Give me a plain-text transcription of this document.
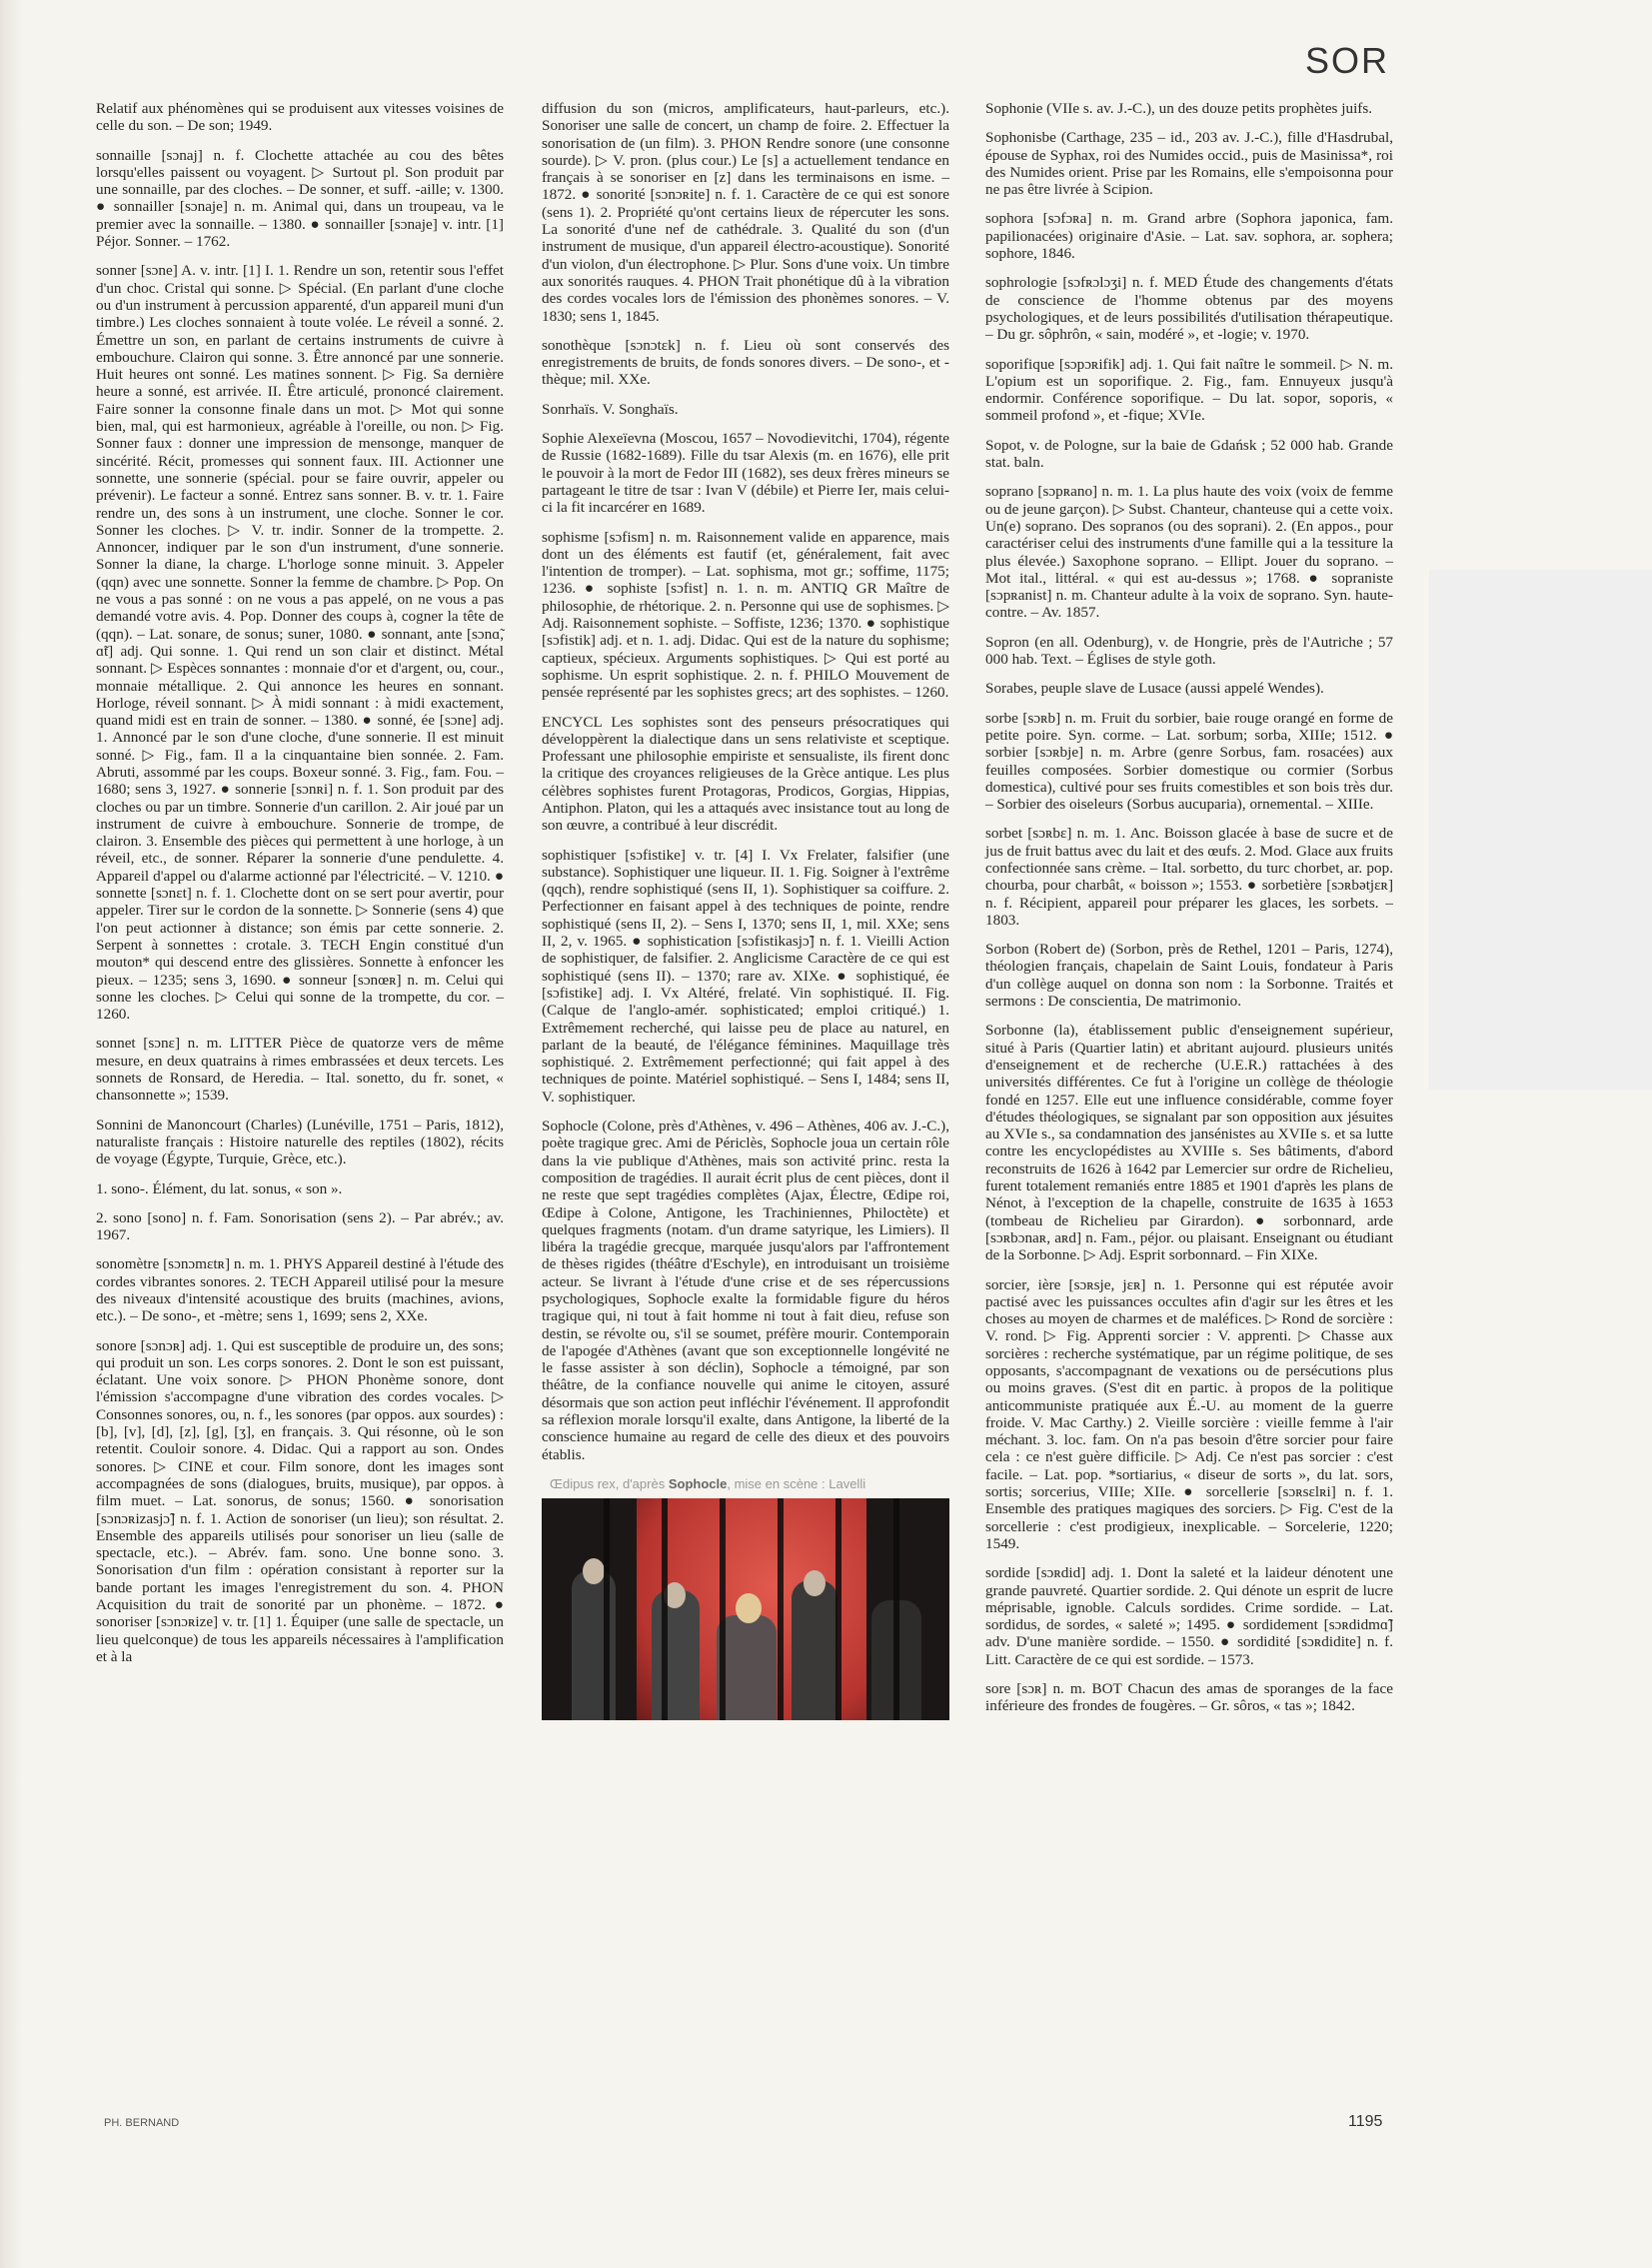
SOR

Relatif aux phénomènes qui se produisent aux vitesses voisines de celle du son. – De son; 1949.

sonnaille [sɔnaj] n. f. Clochette attachée au cou des bêtes lorsqu'elles paissent ou voyagent. ▷ Surtout pl. Son produit par une sonnaille, par des cloches. – De sonner, et suff. -aille; v. 1300. ● sonnailler [sɔnaje] n. m. Animal qui, dans un troupeau, va le premier avec la sonnaille. – 1380. ● sonnailler [sɔnaje] v. intr. [1] Péjor. Sonner. – 1762.

sonner [sɔne] A. v. intr. [1] I. 1. Rendre un son, retentir sous l'effet d'un choc. Cristal qui sonne. ▷ Spécial. (En parlant d'une cloche ou d'un instrument à percussion apparenté, d'un appareil muni d'un timbre.) Les cloches sonnaient à toute volée. Le réveil a sonné. 2. Émettre un son, en parlant de certains instruments de cuivre à embouchure. Clairon qui sonne. 3. Être annoncé par une sonnerie. Huit heures ont sonné. Les matines sonnent. ▷ Fig. Sa dernière heure a sonné, est arrivée. II. Être articulé, prononcé clairement. Faire sonner la consonne finale dans un mot. ▷ Mot qui sonne bien, mal, qui est harmonieux, agréable à l'oreille, ou non. ▷ Fig. Sonner faux : donner une impression de mensonge, manquer de sincérité. Récit, promesses qui sonnent faux. III. Actionner une sonnette, une sonnerie (spécial. pour se faire ouvrir, appeler ou prévenir). Le facteur a sonné. Entrez sans sonner. B. v. tr. 1. Faire rendre un, des sons à un instrument, une cloche. Sonner le cor. Sonner les cloches. ▷ V. tr. indir. Sonner de la trompette. 2. Annoncer, indiquer par le son d'un instrument, d'une sonnerie. Sonner la diane, la charge. L'horloge sonne minuit. 3. Appeler (qqn) avec une sonnette. Sonner la femme de chambre. ▷ Pop. On ne vous a pas sonné : on ne vous a pas appelé, on ne vous a pas demandé votre avis. 4. Pop. Donner des coups à, cogner la tête de (qqn). – Lat. sonare, de sonus; suner, 1080. ● sonnant, ante [sɔnɑ̃, ɑ̃t] adj. Qui sonne. 1. Qui rend un son clair et distinct. Métal sonnant. ▷ Espèces sonnantes : monnaie d'or et d'argent, ou, cour., monnaie métallique. 2. Qui annonce les heures en sonnant. Horloge, réveil sonnant. ▷ À midi sonnant : à midi exactement, quand midi est en train de sonner. – 1380. ● sonné, ée [sɔne] adj. 1. Annoncé par le son d'une cloche, d'une sonnerie. Il est minuit sonné. ▷ Fig., fam. Il a la cinquantaine bien sonnée. 2. Fam. Abruti, assommé par les coups. Boxeur sonné. 3. Fig., fam. Fou. – 1680; sens 3, 1927. ● sonnerie [sɔnʀi] n. f. 1. Son produit par des cloches ou par un timbre. Sonnerie d'un carillon. 2. Air joué par un instrument de cuivre à embouchure. Sonnerie de trompe, de clairon. 3. Ensemble des pièces qui permettent à une horloge, à un réveil, etc., de sonner. Réparer la sonnerie d'une pendulette. 4. Appareil d'appel ou d'alarme actionné par l'électricité. – V. 1210. ● sonnette [sɔnɛt] n. f. 1. Clochette dont on se sert pour avertir, pour appeler. Tirer sur le cordon de la sonnette. ▷ Sonnerie (sens 4) que l'on peut actionner à distance; son émis par cette sonnerie. 2. Serpent à sonnettes : crotale. 3. TECH Engin constitué d'un mouton* qui descend entre des glissières. Sonnette à enfoncer les pieux. – 1235; sens 3, 1690. ● sonneur [sɔnœʀ] n. m. Celui qui sonne les cloches. ▷ Celui qui sonne de la trompette, du cor. – 1260.

sonnet [sɔnɛ] n. m. LITTER Pièce de quatorze vers de même mesure, en deux quatrains à rimes embrassées et deux tercets. Les sonnets de Ronsard, de Heredia. – Ital. sonetto, du fr. sonet, « chansonnette »; 1539.

Sonnini de Manoncourt (Charles) (Lunéville, 1751 – Paris, 1812), naturaliste français : Histoire naturelle des reptiles (1802), récits de voyage (Égypte, Turquie, Grèce, etc.).

1. sono-. Élément, du lat. sonus, « son ».

2. sono [sono] n. f. Fam. Sonorisation (sens 2). – Par abrév.; av. 1967.

sonomètre [sɔnɔmɛtʀ] n. m. 1. PHYS Appareil destiné à l'étude des cordes vibrantes sonores. 2. TECH Appareil utilisé pour la mesure des niveaux d'intensité acoustique des bruits (machines, avions, etc.). – De sono-, et -mètre; sens 1, 1699; sens 2, XXe.

sonore [sɔnɔʀ] adj. 1. Qui est susceptible de produire un, des sons; qui produit un son. Les corps sonores. 2. Dont le son est puissant, éclatant. Une voix sonore. ▷ PHON Phonème sonore, dont l'émission s'accompagne d'une vibration des cordes vocales. ▷ Consonnes sonores, ou, n. f., les sonores (par oppos. aux sourdes) : [b], [v], [d], [z], [g], [ʒ], en français. 3. Qui résonne, où le son retentit. Couloir sonore. 4. Didac. Qui a rapport au son. Ondes sonores. ▷ CINE et cour. Film sonore, dont les images sont accompagnées de sons (dialogues, bruits, musique), par oppos. à film muet. – Lat. sonorus, de sonus; 1560. ● sonorisation [sɔnɔʀizasjɔ̃] n. f. 1. Action de sonoriser (un lieu); son résultat. 2. Ensemble des appareils utilisés pour sonoriser un lieu (salle de spectacle, etc.). – Abrév. fam. sono. Une bonne sono. 3. Sonorisation d'un film : opération consistant à reporter sur la bande portant les images l'enregistrement du son. 4. PHON Acquisition du trait de sonorité par un phonème. – 1872. ● sonoriser [sɔnɔʀize] v. tr. [1] 1. Équiper (une salle de spectacle, un lieu quelconque) de tous les appareils nécessaires à l'amplification et à la

diffusion du son (micros, amplificateurs, haut-parleurs, etc.). Sonoriser une salle de concert, un champ de foire. 2. Effectuer la sonorisation de (un film). 3. PHON Rendre sonore (une consonne sourde). ▷ V. pron. (plus cour.) Le [s] a actuellement tendance en français à se sonoriser en [z] dans les terminaisons en isme. – 1872. ● sonorité [sɔnɔʀite] n. f. 1. Caractère de ce qui est sonore (sens 1). 2. Propriété qu'ont certains lieux de répercuter les sons. La sonorité d'une nef de cathédrale. 3. Qualité du son (d'un instrument de musique, d'un appareil électro-acoustique). Sonorité d'un violon, d'un électrophone. ▷ Plur. Sons d'une voix. Un timbre aux sonorités rauques. 4. PHON Trait phonétique dû à la vibration des cordes vocales lors de l'émission des phonèmes sonores. – V. 1830; sens 1, 1845.

sonothèque [sɔnɔtɛk] n. f. Lieu où sont conservés des enregistrements de bruits, de fonds sonores divers. – De sono-, et -thèque; mil. XXe.

Sonrhaïs. V. Songhaïs.

Sophie Alexeïevna (Moscou, 1657 – Novodievitchi, 1704), régente de Russie (1682-1689). Fille du tsar Alexis (m. en 1676), elle prit le pouvoir à la mort de Fedor III (1682), ses deux frères mineurs se partageant le titre de tsar : Ivan V (débile) et Pierre Ier, mais celui-ci la fit incarcérer en 1689.

sophisme [sɔfism] n. m. Raisonnement valide en apparence, mais dont un des éléments est fautif (et, généralement, fait avec l'intention de tromper). – Lat. sophisma, mot gr.; soffime, 1175; 1236. ● sophiste [sɔfist] n. 1. n. m. ANTIQ GR Maître de philosophie, de rhétorique. 2. n. Personne qui use de sophismes. ▷ Adj. Raisonnement sophiste. – Soffiste, 1236; 1370. ● sophistique [sɔfistik] adj. et n. 1. adj. Didac. Qui est de la nature du sophisme; captieux, spécieux. Arguments sophistiques. ▷ Qui est porté au sophisme. Un esprit sophistique. 2. n. f. PHILO Mouvement de pensée représenté par les sophistes grecs; art des sophistes. – 1260.

ENCYCL Les sophistes sont des penseurs présocratiques qui développèrent la dialectique dans un sens relativiste et sceptique. Professant une philosophie empiriste et sensualiste, ils firent donc la critique des croyances religieuses de la Grèce antique. Les plus célèbres sophistes furent Protagoras, Prodicos, Gorgias, Hippias, Antiphon. Platon, qui les a attaqués avec insistance tout au long de son œuvre, a contribué à leur discrédit.

sophistiquer [sɔfistike] v. tr. [4] I. Vx Frelater, falsifier (une substance). Sophistiquer une liqueur. II. 1. Fig. Soigner à l'extrême (qqch), rendre sophistiqué (sens II, 1). Sophistiquer sa coiffure. 2. Perfectionner en faisant appel à des techniques de pointe, rendre sophistiqué (sens II, 2). – Sens I, 1370; sens II, 1, mil. XXe; sens II, 2, v. 1965. ● sophistication [sɔfistikasjɔ̃] n. f. 1. Vieilli Action de sophistiquer, de falsifier. 2. Anglicisme Caractère de ce qui est sophistiqué (sens II). – 1370; rare av. XIXe. ● sophistiqué, ée [sɔfistike] adj. I. Vx Altéré, frelaté. Vin sophistiqué. II. Fig. (Calque de l'anglo-amér. sophisticated; emploi critiqué.) 1. Extrêmement recherché, qui laisse peu de place au naturel, en parlant de la beauté, de l'élégance féminines. Maquillage très sophistiqué. 2. Extrêmement perfectionné; qui fait appel à des techniques de pointe. Matériel sophistiqué. – Sens I, 1484; sens II, V. sophistiquer.

Sophocle (Colone, près d'Athènes, v. 496 – Athènes, 406 av. J.-C.), poète tragique grec. Ami de Périclès, Sophocle joua un certain rôle dans la vie publique d'Athènes, mais son activité princ. resta la composition de tragédies. Il aurait écrit plus de cent pièces, dont il ne reste que sept tragédies complètes (Ajax, Électre, Œdipe roi, Œdipe à Colone, Antigone, les Trachiniennes, Philoctète) et quelques fragments (notam. d'un drame satyrique, les Limiers). Il libéra la tragédie grecque, marquée jusqu'alors par l'affrontement de thèses rigides (théâtre d'Eschyle), en introduisant un troisième acteur. Se livrant à l'étude d'une crise et de ses répercussions psychologiques, Sophocle exalte la formidable figure du héros tragique qui, ni tout à fait homme ni tout à fait dieu, refuse son destin, se révolte ou, s'il se soumet, préfère mourir. Contemporain de l'apogée d'Athènes (avant que son exceptionnelle longévité ne le fasse assister à son déclin), Sophocle a témoigné, par son théâtre, de la confiance nouvelle qui anime le citoyen, assuré désormais que son action peut infléchir l'événement. Il approfondit sa réflexion morale lorsqu'il exalte, dans Antigone, la liberté de la conscience humaine au regard de celle des dieux et des pouvoirs établis.

Œdipus rex, d'après Sophocle, mise en scène : Lavelli

Sophonie (VIIe s. av. J.-C.), un des douze petits prophètes juifs.

Sophonisbe (Carthage, 235 – id., 203 av. J.-C.), fille d'Hasdrubal, épouse de Syphax, roi des Numides occid., puis de Masinissa*, roi des Numides orient. Prise par les Romains, elle s'empoisonna pour ne pas être livrée à Scipion.

sophora [sɔfɔʀa] n. m. Grand arbre (Sophora japonica, fam. papilionacées) originaire d'Asie. – Lat. sav. sophora, ar. sophera; sophore, 1846.

sophrologie [sɔfʀɔlɔʒi] n. f. MED Étude des changements d'états de conscience de l'homme obtenus par des moyens psychologiques, et de leurs possibilités d'utilisation thérapeutique. – Du gr. sôphrôn, « sain, modéré », et -logie; v. 1970.

soporifique [sɔpɔʀifik] adj. 1. Qui fait naître le sommeil. ▷ N. m. L'opium est un soporifique. 2. Fig., fam. Ennuyeux jusqu'à endormir. Conférence soporifique. – Du lat. sopor, soporis, « sommeil profond », et -fique; XVIe.

Sopot, v. de Pologne, sur la baie de Gdańsk ; 52 000 hab. Grande stat. baln.

soprano [sɔpʀano] n. m. 1. La plus haute des voix (voix de femme ou de jeune garçon). ▷ Subst. Chanteur, chanteuse qui a cette voix. Un(e) soprano. Des sopranos (ou des soprani). 2. (En appos., pour caractériser celui des instruments d'une famille qui a la tessiture la plus élevée.) Saxophone soprano. – Ellipt. Jouer du soprano. – Mot ital., littéral. « qui est au-dessus »; 1768. ● sopraniste [sɔpʀanist] n. m. Chanteur adulte à la voix de soprano. Syn. haute-contre. – Av. 1857.

Sopron (en all. Odenburg), v. de Hongrie, près de l'Autriche ; 57 000 hab. Text. – Églises de style goth.

Sorabes, peuple slave de Lusace (aussi appelé Wendes).

sorbe [sɔʀb] n. m. Fruit du sorbier, baie rouge orangé en forme de petite poire. Syn. corme. – Lat. sorbum; sorba, XIIIe; 1512. ● sorbier [sɔʀbje] n. m. Arbre (genre Sorbus, fam. rosacées) aux feuilles composées. Sorbier domestique ou cormier (Sorbus domestica), cultivé pour ses fruits comestibles et son bois très dur. – Sorbier des oiseleurs (Sorbus aucuparia), ornemental. – XIIIe.

sorbet [sɔʀbɛ] n. m. 1. Anc. Boisson glacée à base de sucre et de jus de fruit battus avec du lait et des œufs. 2. Mod. Glace aux fruits confectionnée sans crème. – Ital. sorbetto, du turc chorbet, ar. pop. chourba, pour charbât, « boisson »; 1553. ● sorbetière [sɔʀbətjɛʀ] n. f. Récipient, appareil pour préparer les glaces, les sorbets. – 1803.

Sorbon (Robert de) (Sorbon, près de Rethel, 1201 – Paris, 1274), théologien français, chapelain de Saint Louis, fondateur à Paris d'un collège auquel on donna son nom : la Sorbonne. Traités et sermons : De conscientia, De matrimonio.

Sorbonne (la), établissement public d'enseignement supérieur, situé à Paris (Quartier latin) et abritant aujourd. plusieurs unités d'enseignement et de recherche (U.E.R.) rattachées à des universités différentes. Ce fut à l'origine un collège de théologie fondé en 1257. Elle eut une influence considérable, comme foyer d'études théologiques, se signalant par son opposition aux jésuites au XVIe s., sa condamnation des jansénistes au XVIIe s. et sa lutte contre les encyclopédistes au XVIIIe s. Ses bâtiments, d'abord reconstruits de 1626 à 1642 par Lemercier sur ordre de Richelieu, furent totalement remaniés entre 1885 et 1901 d'après les plans de Nénot, à l'exception de la chapelle, construite de 1635 à 1653 (tombeau de Richelieu par Girardon). ● sorbonnard, arde [sɔʀbɔnaʀ, aʀd] n. Fam., péjor. ou plaisant. Enseignant ou étudiant de la Sorbonne. ▷ Adj. Esprit sorbonnard. – Fin XIXe.

sorcier, ière [sɔʀsje, jɛʀ] n. 1. Personne qui est réputée avoir pactisé avec les puissances occultes afin d'agir sur les êtres et les choses au moyen de charmes et de maléfices. ▷ Rond de sorcière : V. rond. ▷ Fig. Apprenti sorcier : V. apprenti. ▷ Chasse aux sorcières : recherche systématique, par un régime politique, de ses opposants, s'accompagnant de vexations ou de persécutions plus ou moins graves. (S'est dit en partic. à propos de la politique anticommuniste pratiquée aux É.-U. au moment de la guerre froide. V. Mac Carthy.) 2. Vieille sorcière : vieille femme à l'air méchant. 3. loc. fam. On n'a pas besoin d'être sorcier pour faire cela : ce n'est guère difficile. ▷ Adj. Ce n'est pas sorcier : c'est facile. – Lat. pop. *sortiarius, « diseur de sorts », du lat. sors, sortis; sorcerius, VIIIe; XIIe. ● sorcellerie [sɔʀsɛlʀi] n. f. 1. Ensemble des pratiques magiques des sorciers. ▷ Fig. C'est de la sorcellerie : c'est prodigieux, inexplicable. – Sorcelerie, 1220; 1549.

sordide [sɔʀdid] adj. 1. Dont la saleté et la laideur dénotent une grande pauvreté. Quartier sordide. 2. Qui dénote un esprit de lucre méprisable, ignoble. Calculs sordides. Crime sordide. – Lat. sordidus, de sordes, « saleté »; 1495. ● sordidement [sɔʀdidmɑ̃] adv. D'une manière sordide. – 1550. ● sordidité [sɔʀdidite] n. f. Litt. Caractère de ce qui est sordide. – 1573.

sore [sɔʀ] n. m. BOT Chacun des amas de sporanges de la face inférieure des frondes de fougères. – Gr. sôros, « tas »; 1842.

PH. BERNAND	1195
